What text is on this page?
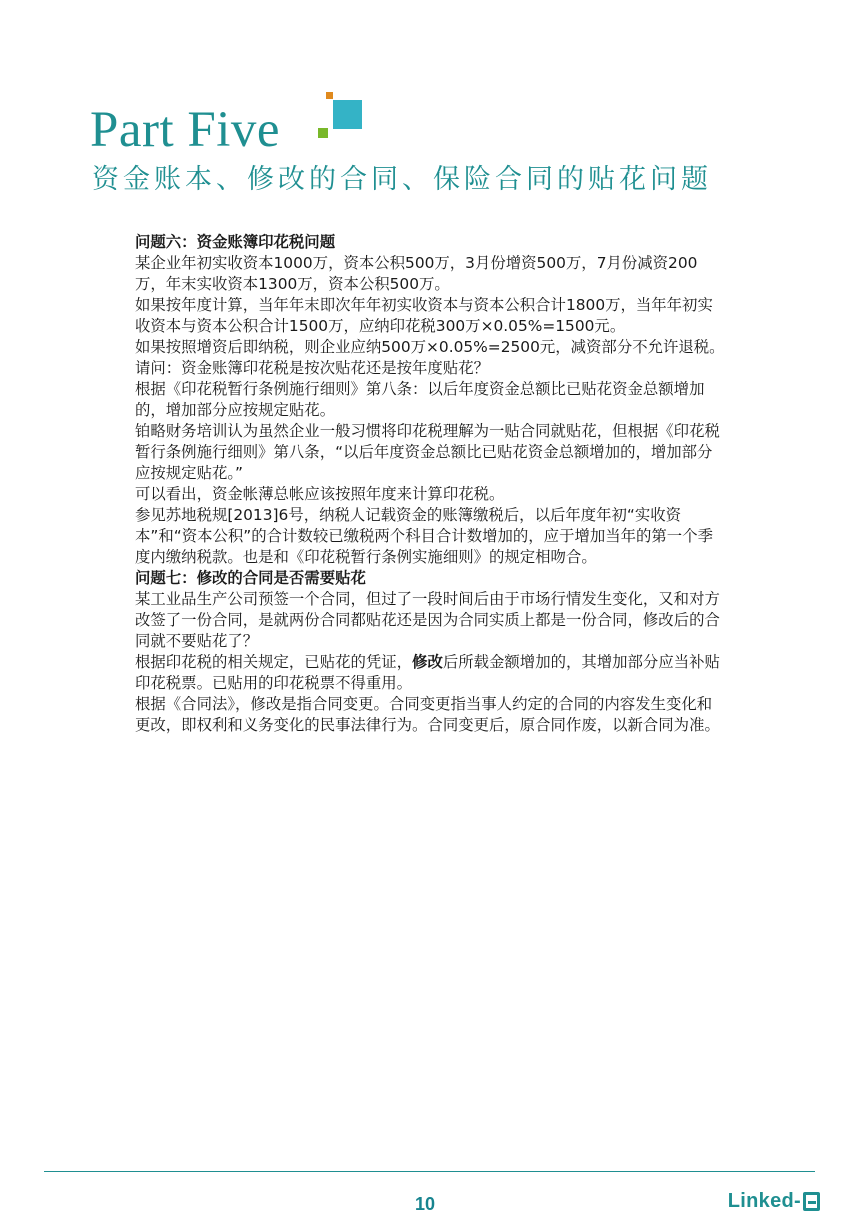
Part Five
资金账本、修改的合同、保险合同的贴花问题

问题六：资金账簿印花税问题

某企业年初实收资本1000万，资本公积500万，3月份增资500万，7月份减资200万，年末实收资本1300万，资本公积500万。

如果按年度计算，当年年末即次年年初实收资本与资本公积合计1800万，当年年初实收资本与资本公积合计1500万，应纳印花税300万×0.05%=1500元。

如果按照增资后即纳税，则企业应纳500万×0.05%=2500元，减资部分不允许退税。

请问：资金账簿印花税是按次贴花还是按年度贴花？

根据《印花税暂行条例施行细则》第八条：以后年度资金总额比已贴花资金总额增加的，增加部分应按规定贴花。

铂略财务培训认为虽然企业一般习惯将印花税理解为一贴合同就贴花，但根据《印花税暂行条例施行细则》第八条，“以后年度资金总额比已贴花资金总额增加的，增加部分应按规定贴花。”

可以看出，资金帐薄总帐应该按照年度来计算印花税。

参见苏地税规[2013]6号，纳税人记载资金的账簿缴税后，以后年度年初“实收资本”和“资本公积”的合计数较已缴税两个科目合计数增加的，应于增加当年的第一个季度内缴纳税款。也是和《印花税暂行条例实施细则》的规定相吻合。

问题七：修改的合同是否需要贴花

某工业品生产公司预签一个合同，但过了一段时间后由于市场行情发生变化，又和对方改签了一份合同，是就两份合同都贴花还是因为合同实质上都是一份合同，修改后的合同就不要贴花了？

根据印花税的相关规定，已贴花的凭证，修改后所载金额增加的，其增加部分应当补贴印花税票。已贴用的印花税票不得重用。

根据《合同法》，修改是指合同变更。合同变更指当事人约定的合同的内容发生变化和更改，即权利和义务变化的民事法律行为。合同变更后，原合同作废，以新合同为准。

10	Linked-
